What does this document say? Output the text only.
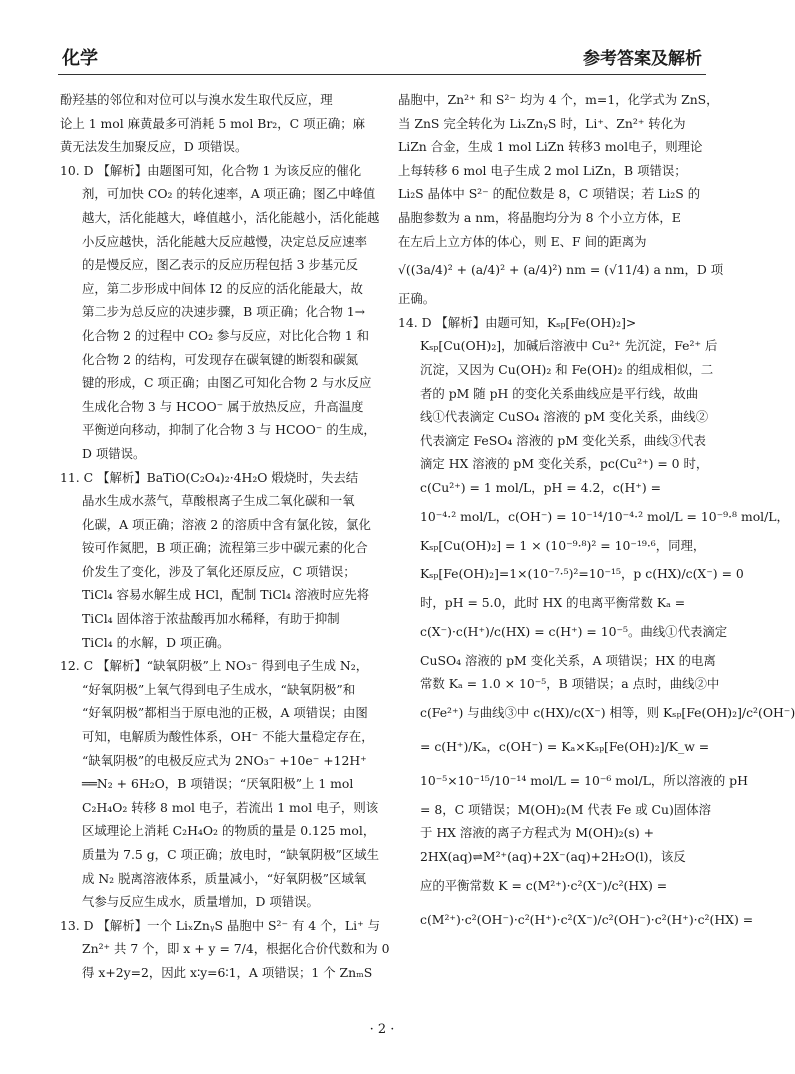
化学	参考答案及解析

酚羟基的邻位和对位可以与溴水发生取代反应，理

论上 1 mol 麻黄最多可消耗 5 mol Br₂，C 项正确；麻

黄无法发生加聚反应，D 项错误。

10. D 【解析】由题图可知，化合物 1 为该反应的催化

剂，可加快 CO₂ 的转化速率，A 项正确；图乙中峰值

越大，活化能越大，峰值越小，活化能越小，活化能越

小反应越快，活化能越大反应越慢，决定总反应速率

的是慢反应，图乙表示的反应历程包括 3 步基元反

应，第二步形成中间体 I2 的反应的活化能最大，故

第二步为总反应的决速步骤，B 项正确；化合物 1→

化合物 2 的过程中 CO₂ 参与反应，对比化合物 1 和

化合物 2 的结构，可发现存在碳氧键的断裂和碳氮

键的形成，C 项正确；由图乙可知化合物 2 与水反应

生成化合物 3 与 HCOO⁻ 属于放热反应，升高温度

平衡逆向移动，抑制了化合物 3 与 HCOO⁻ 的生成，

D 项错误。

11. C 【解析】BaTiO(C₂O₄)₂·4H₂O 煅烧时，失去结

晶水生成水蒸气，草酸根离子生成二氧化碳和一氧

化碳，A 项正确；溶液 2 的溶质中含有氯化铵，氯化

铵可作氮肥，B 项正确；流程第三步中碳元素的化合

价发生了变化，涉及了氧化还原反应，C 项错误；

TiCl₄ 容易水解生成 HCl，配制 TiCl₄ 溶液时应先将

TiCl₄ 固体溶于浓盐酸再加水稀释，有助于抑制

TiCl₄ 的水解，D 项正确。

12. C 【解析】“缺氧阴极”上 NO₃⁻ 得到电子生成 N₂，

“好氧阴极”上氧气得到电子生成水，“缺氧阴极”和

“好氧阴极”都相当于原电池的正极，A 项错误；由图

可知，电解质为酸性体系，OH⁻ 不能大量稳定存在，

“缺氧阴极”的电极反应式为 2NO₃⁻ +10e⁻ +12H⁺

══N₂ + 6H₂O，B 项错误；“厌氧阳极”上 1 mol

C₂H₄O₂ 转移 8 mol 电子，若流出 1 mol 电子，则该

区域理论上消耗 C₂H₄O₂ 的物质的量是 0.125 mol，

质量为 7.5 g，C 项正确；放电时，“缺氧阴极”区域生

成 N₂ 脱离溶液体系，质量减小，“好氧阴极”区域氧

气参与反应生成水，质量增加，D 项错误。

13. D 【解析】一个 LiₓZnᵧS 晶胞中 S²⁻ 有 4 个，Li⁺ 与

Zn²⁺ 共 7 个，即 x + y = 7/4，根据化合价代数和为 0

得 x+2y=2，因此 x∶y=6∶1，A 项错误；1 个 ZnₘS

晶胞中，Zn²⁺ 和 S²⁻ 均为 4 个，m=1，化学式为 ZnS，

当 ZnS 完全转化为 LiₓZnᵧS 时，Li⁺、Zn²⁺ 转化为

LiZn 合金，生成 1 mol LiZn 转移3 mol电子，则理论

上每转移 6 mol 电子生成 2 mol LiZn，B 项错误；

Li₂S 晶体中 S²⁻ 的配位数是 8，C 项错误；若 Li₂S 的

晶胞参数为 a nm，将晶胞均分为 8 个小立方体，E

在左后上立方体的体心，则 E、F 间的距离为

√((3a/4)² + (a/4)² + (a/4)²) nm = (√11/4) a nm，D 项

正确。

14. D 【解析】由题可知，Kₛₚ[Fe(OH)₂]>

Kₛₚ[Cu(OH)₂]，加碱后溶液中 Cu²⁺ 先沉淀，Fe²⁺ 后

沉淀，又因为 Cu(OH)₂ 和 Fe(OH)₂ 的组成相似，二

者的 pM 随 pH 的变化关系曲线应是平行线，故曲

线①代表滴定 CuSO₄ 溶液的 pM 变化关系，曲线②

代表滴定 FeSO₄ 溶液的 pM 变化关系，曲线③代表

滴定 HX 溶液的 pM 变化关系，pc(Cu²⁺) = 0 时，

c(Cu²⁺) = 1 mol/L，pH = 4.2，c(H⁺) =

10⁻⁴·² mol/L，c(OH⁻) = 10⁻¹⁴/10⁻⁴·² mol/L = 10⁻⁹·⁸ mol/L，

Kₛₚ[Cu(OH)₂] = 1 × (10⁻⁹·⁸)² = 10⁻¹⁹·⁶，同理，

Kₛₚ[Fe(OH)₂]=1×(10⁻⁷·⁵)²=10⁻¹⁵，p c(HX)/c(X⁻) = 0

时，pH = 5.0，此时 HX 的电离平衡常数 Kₐ =

c(X⁻)·c(H⁺)/c(HX) = c(H⁺) = 10⁻⁵。曲线①代表滴定

CuSO₄ 溶液的 pM 变化关系，A 项错误；HX 的电离

常数 Kₐ = 1.0 × 10⁻⁵，B 项错误；a 点时，曲线②中

c(Fe²⁺) 与曲线③中 c(HX)/c(X⁻) 相等，则 Kₛₚ[Fe(OH)₂]/c²(OH⁻)

= c(H⁺)/Kₐ，c(OH⁻) = Kₐ×Kₛₚ[Fe(OH)₂]/K_w =

10⁻⁵×10⁻¹⁵/10⁻¹⁴ mol/L = 10⁻⁶ mol/L，所以溶液的 pH

= 8，C 项错误；M(OH)₂(M 代表 Fe 或 Cu)固体溶

于 HX 溶液的离子方程式为 M(OH)₂(s) +

2HX(aq)⇌M²⁺(aq)+2X⁻(aq)+2H₂O(l)，该反

应的平衡常数 K = c(M²⁺)·c²(X⁻)/c²(HX) =

c(M²⁺)·c²(OH⁻)·c²(H⁺)·c²(X⁻)/c²(OH⁻)·c²(H⁺)·c²(HX) =

· 2 ·
